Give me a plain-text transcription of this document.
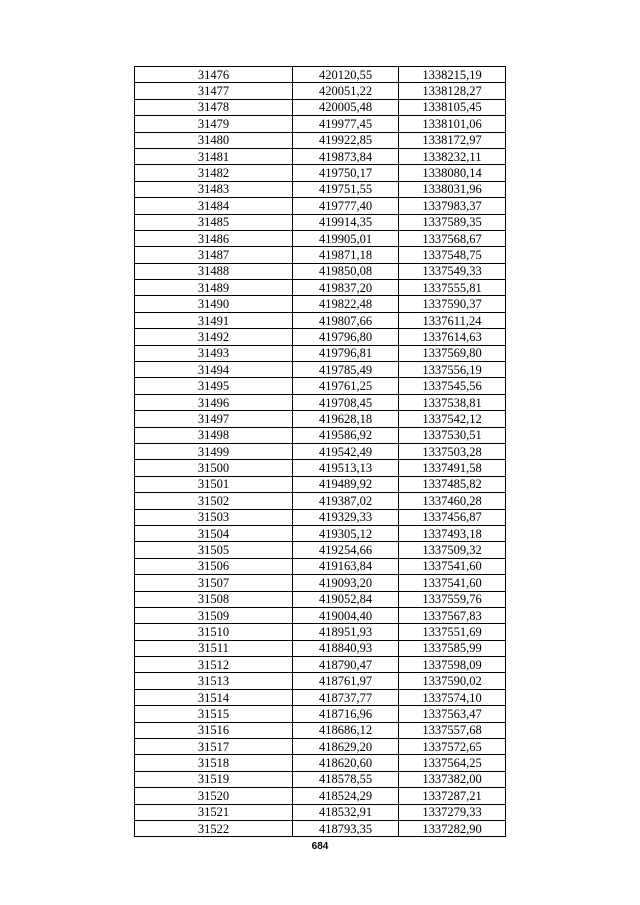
31476	420120,55	1338215,19
31477	420051,22	1338128,27
31478	420005,48	1338105,45
31479	419977,45	1338101,06
31480	419922,85	1338172,97
31481	419873,84	1338232,11
31482	419750,17	1338080,14
31483	419751,55	1338031,96
31484	419777,40	1337983,37
31485	419914,35	1337589,35
31486	419905,01	1337568,67
31487	419871,18	1337548,75
31488	419850,08	1337549,33
31489	419837,20	1337555,81
31490	419822,48	1337590,37
31491	419807,66	1337611,24
31492	419796,80	1337614,63
31493	419796,81	1337569,80
31494	419785,49	1337556,19
31495	419761,25	1337545,56
31496	419708,45	1337538,81
31497	419628,18	1337542,12
31498	419586,92	1337530,51
31499	419542,49	1337503,28
31500	419513,13	1337491,58
31501	419489,92	1337485,82
31502	419387,02	1337460,28
31503	419329,33	1337456,87
31504	419305,12	1337493,18
31505	419254,66	1337509,32
31506	419163,84	1337541,60
31507	419093,20	1337541,60
31508	419052,84	1337559,76
31509	419004,40	1337567,83
31510	418951,93	1337551,69
31511	418840,93	1337585,99
31512	418790,47	1337598,09
31513	418761,97	1337590,02
31514	418737,77	1337574,10
31515	418716,96	1337563,47
31516	418686,12	1337557,68
31517	418629,20	1337572,65
31518	418620,60	1337564,25
31519	418578,55	1337382,00
31520	418524,29	1337287,21
31521	418532,91	1337279,33
31522	418793,35	1337282,90
684
